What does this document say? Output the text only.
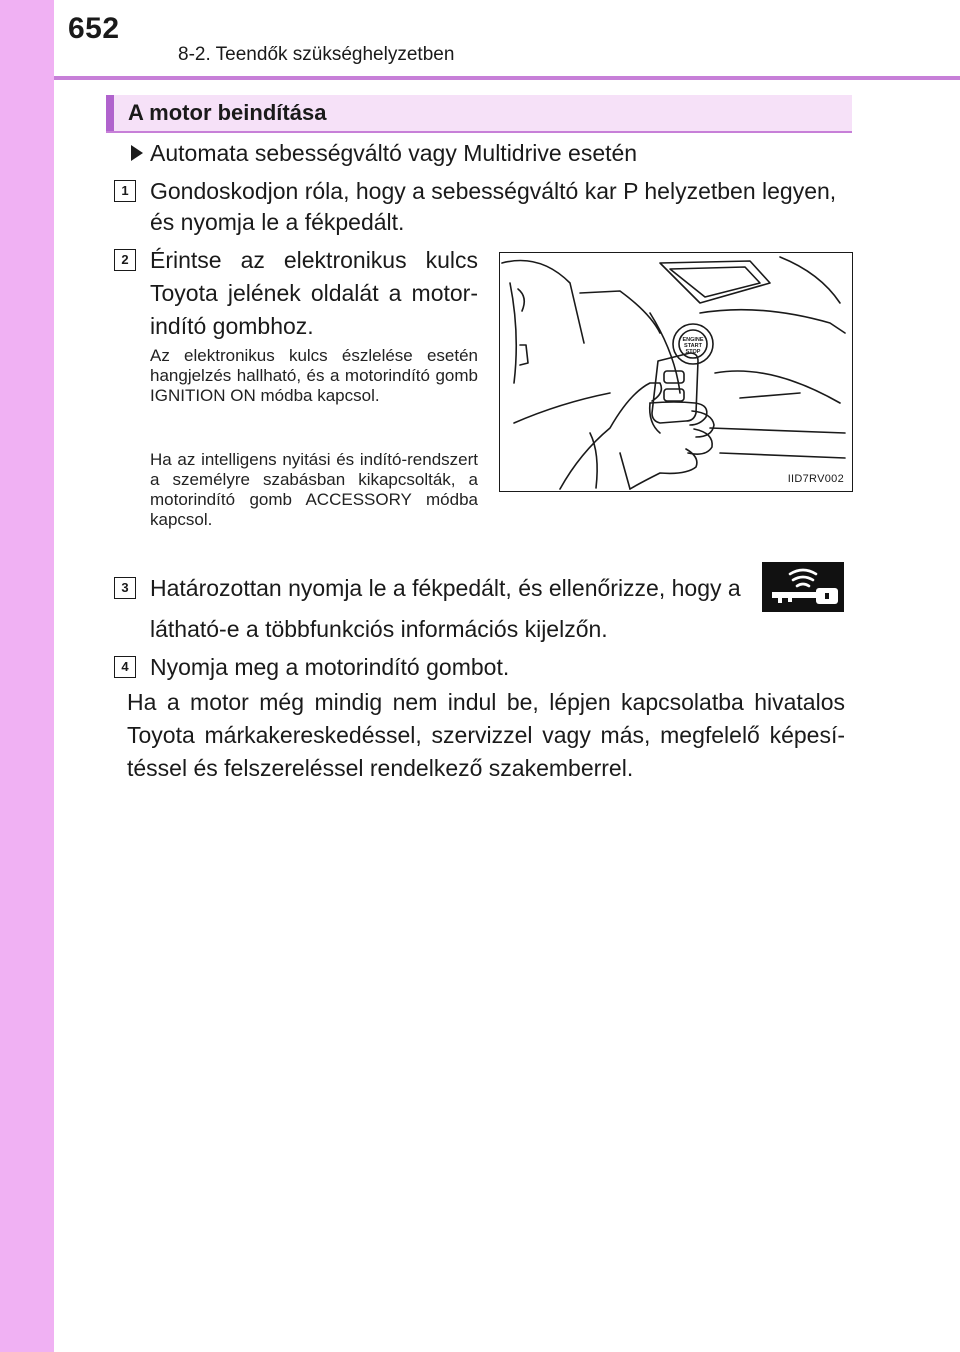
652
8-2. Teendők szükséghelyzetben
A motor beindítása
Automata sebességváltó vagy Multidrive esetén
1 Gondoskodjon róla, hogy a sebességváltó kar P helyzetben legyen,
és nyomja le a fékpedált.
2 Érintse az elektronikus kulcs
Toyota jelének oldalát a motor-
indító gombhoz.
Az elektronikus kulcs észlelése esetén hangjelzés hallható, és a motorindító gomb IGNITION ON módba kapcsol.
Ha az intelligens nyitási és indító-rendszert a személyre szabásban kikapcsolták, a motorindító gomb ACCESSORY módba kapcsol.
ENGINE
START
STOP
IID7RV002
3 Határozottan nyomja le a fékpedált, és ellenőrizze, hogy a
látható-e a többfunkciós információs kijelzőn.
4 Nyomja meg a motorindító gombot.
Ha a motor még mindig nem indul be, lépjen kapcsolatba hivatalos Toyota márkakereskedéssel, szervizzel vagy más, megfelelő képesí-téssel és felszereléssel rendelkező szakemberrel.
